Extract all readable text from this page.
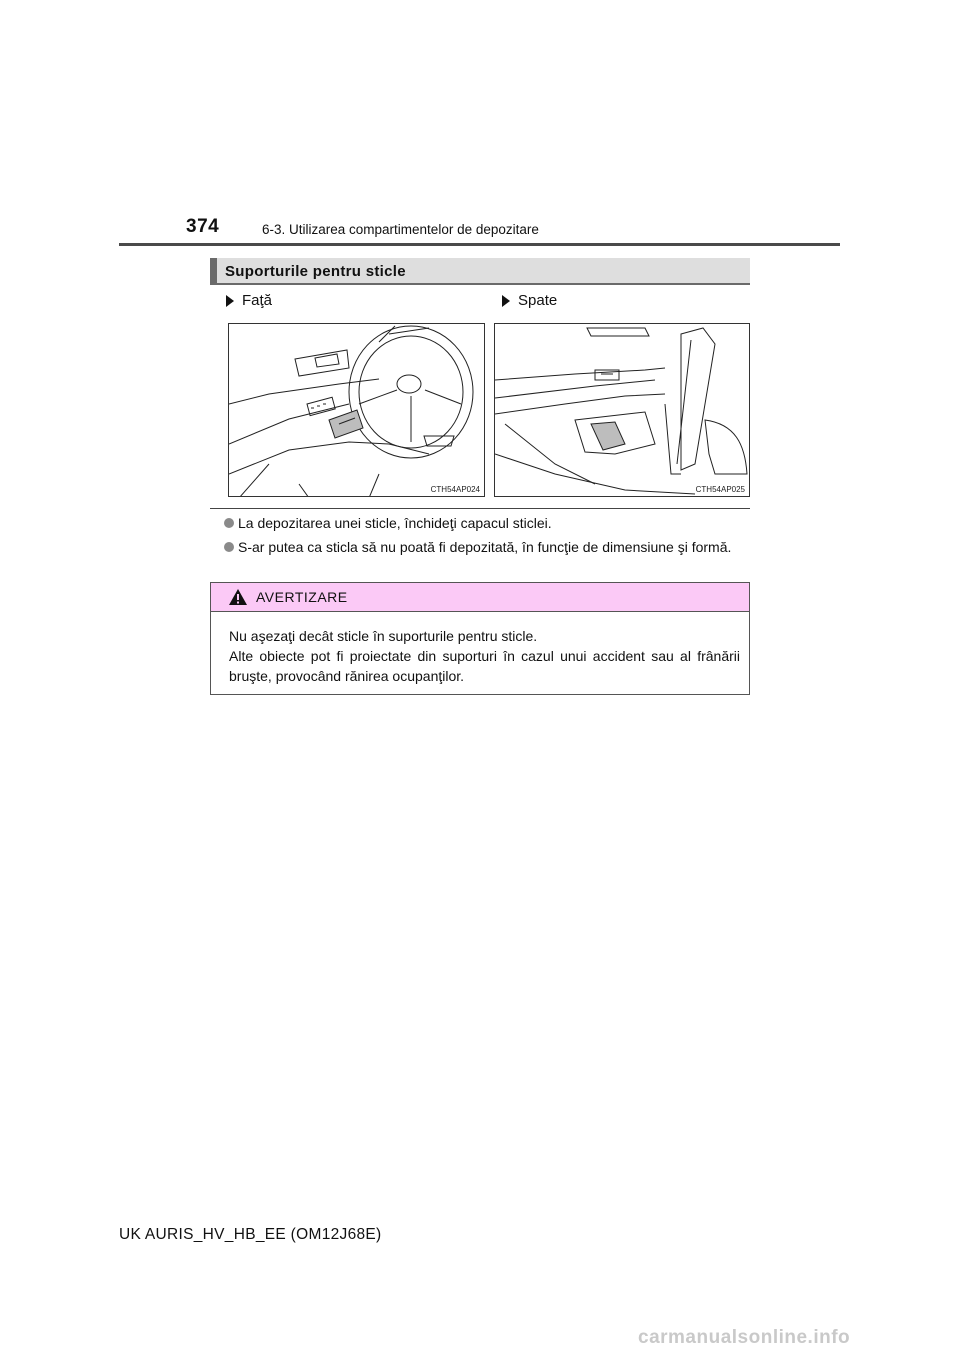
374	6-3. Utilizarea compartimentelor de depozitare
Suporturile pentru sticle
Faţă	Spate
CTH54AP024	CTH54AP025
La depozitarea unei sticle, închideţi capacul sticlei.
S-ar putea ca sticla să nu poată fi depozitată, în funcţie de dimensiune şi formă.
AVERTIZARE

Nu aşezaţi decât sticle în suporturile pentru sticle.

Alte obiecte pot fi proiectate din suporturi în cazul unui accident sau al frânării bruşte, provocând rănirea ocupanţilor.

UK AURIS_HV_HB_EE (OM12J68E)
carmanualsonline.info
